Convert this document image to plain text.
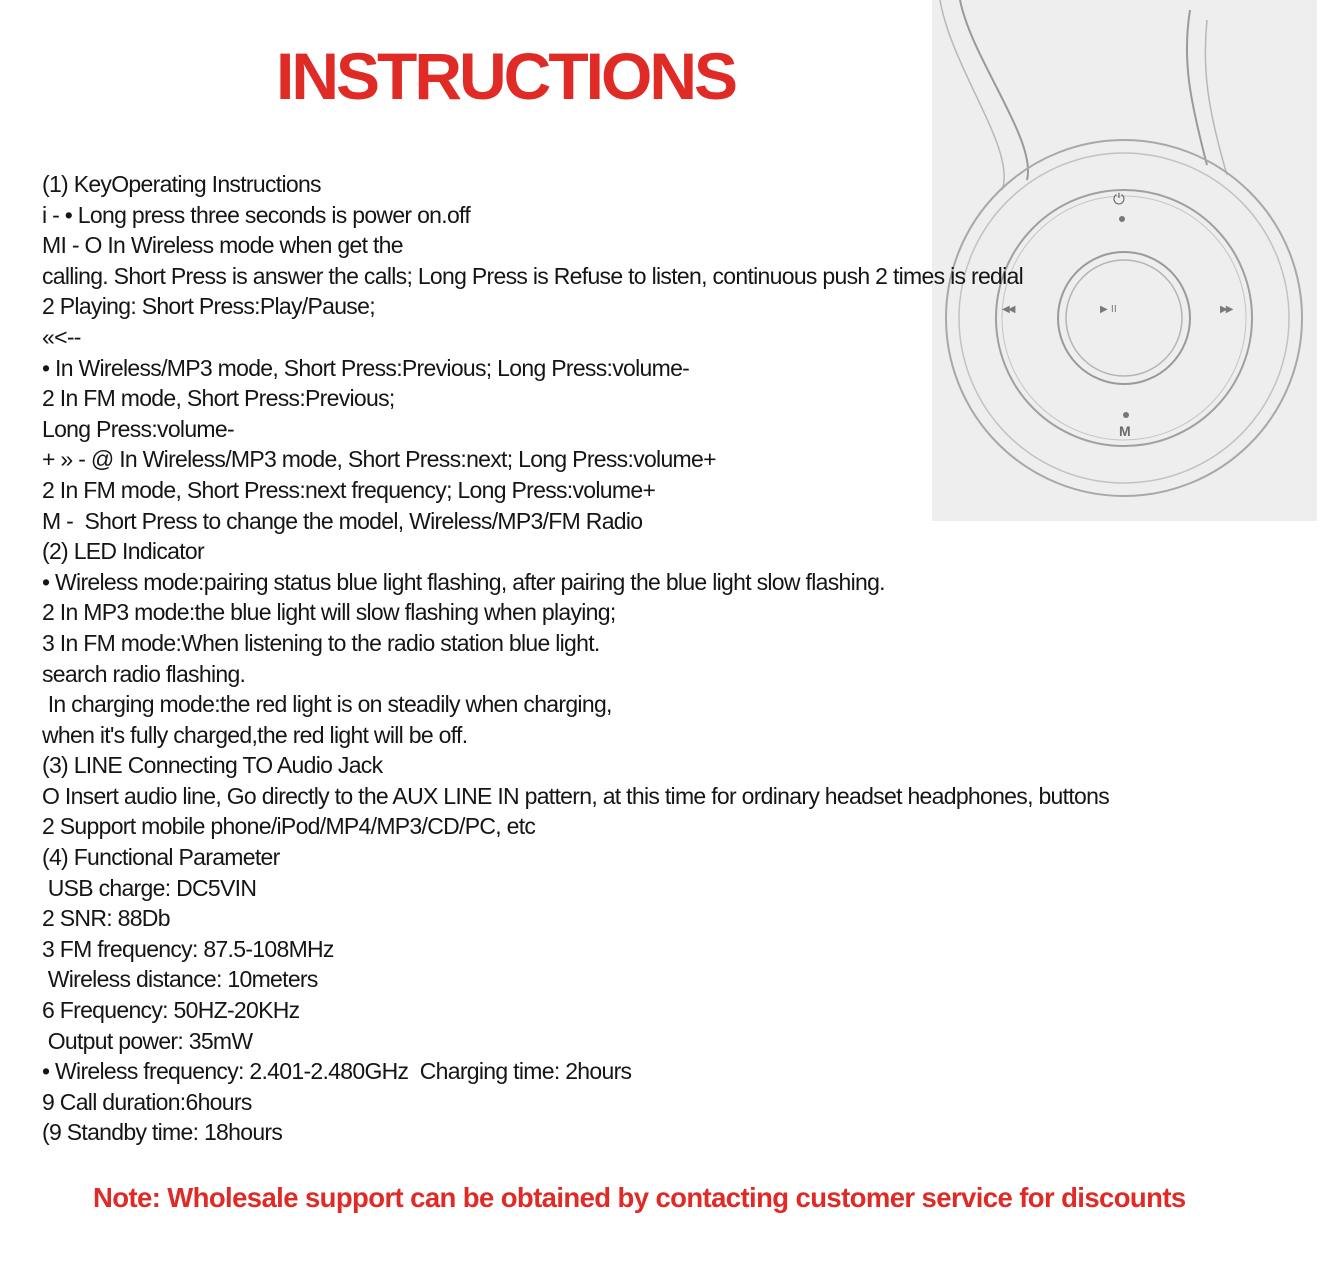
INSTRUCTIONS
⏻
◀◀	▶ II	▶▶
M
(1) KeyOperating Instructions
i - • Long press three seconds is power on.off
MI - O In Wireless mode when get the
calling. Short Press is answer the calls; Long Press is Refuse to listen, continuous push 2 times is redial
2 Playing: Short Press:Play/Pause;
«<--
• In Wireless/MP3 mode, Short Press:Previous; Long Press:volume-
2 In FM mode, Short Press:Previous;
Long Press:volume-
+ » - @ In Wireless/MP3 mode, Short Press:next; Long Press:volume+
2 In FM mode, Short Press:next frequency; Long Press:volume+
M -  Short Press to change the model, Wireless/MP3/FM Radio
(2) LED Indicator
• Wireless mode:pairing status blue light flashing, after pairing the blue light slow flashing.
2 In MP3 mode:the blue light will slow flashing when playing;
3 In FM mode:When listening to the radio station blue light.
search radio flashing.
In charging mode:the red light is on steadily when charging,
when it's fully charged,the red light will be off.
(3) LINE Connecting TO Audio Jack
O Insert audio line, Go directly to the AUX LINE IN pattern, at this time for ordinary headset headphones, buttons
2 Support mobile phone/iPod/MP4/MP3/CD/PC, etc
(4) Functional Parameter
USB charge: DC5VIN
2 SNR: 88Db
3 FM frequency: 87.5-108MHz
Wireless distance: 10meters
6 Frequency: 50HZ-20KHz
Output power: 35mW
• Wireless frequency: 2.401-2.480GHz  Charging time: 2hours
9 Call duration:6hours
(9 Standby time: 18hours
Note: Wholesale support can be obtained by contacting customer service for discounts
